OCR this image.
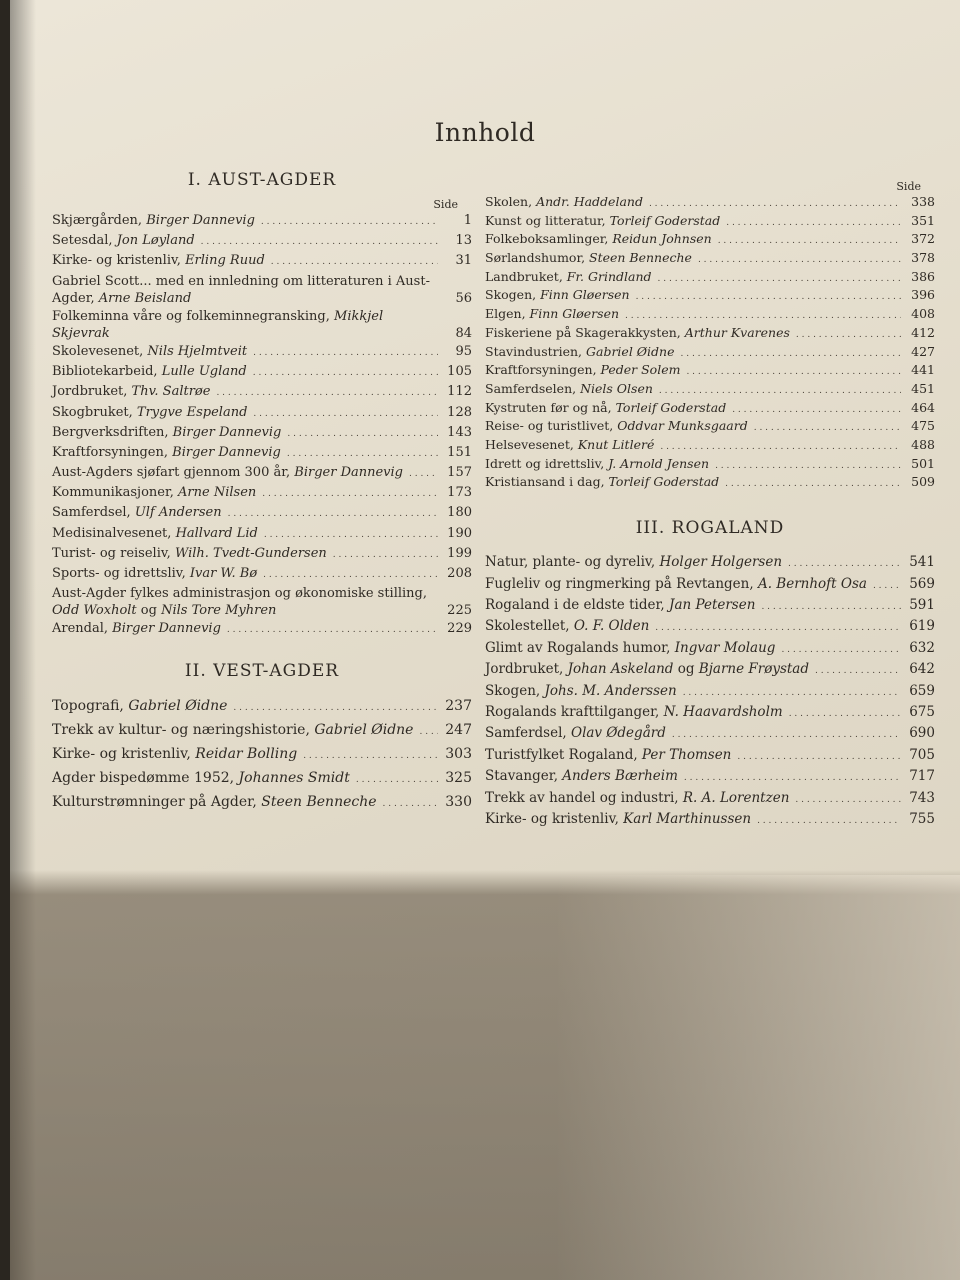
Innhold
I. AUST-AGDER
Side
Skjærgården, Birger Dannevig . . .	1
Setesdal, Jon Løyland . . .	13
Kirke- og kristenliv, Erling Ruud . . .	31
Gabriel Scott... med en innledning om litteraturen i Aust-Agder, Arne Beisland	56
Folkeminna våre og folkeminnegransking, Mikkjel Skjevrak	84
Skolevesenet, Nils Hjelmtveit . . .	95
Bibliotekarbeid, Lulle Ugland . . .	105
Jordbruket, Thv. Saltrøe . . .	112
Skogbruket, Trygve Espeland . . .	128
Bergverksdriften, Birger Dannevig . . .	143
Kraftforsyningen, Birger Dannevig . . .	151
Aust-Agders sjøfart gjennom 300 år, Birger Dannevig . . .	157
Kommunikasjoner, Arne Nilsen . . .	173
Samferdsel, Ulf Andersen . . .	180
Medisinalvesenet, Hallvard Lid . . .	190
Turist- og reiseliv, Wilh. Tvedt-Gundersen . . .	199
Sports- og idrettsliv, Ivar W. Bø . . .	208
Aust-Agder fylkes administrasjon og økonomiske stilling, Odd Woxholt og Nils Tore Myhren	225
Arendal, Birger Dannevig . . .	229
II. VEST-AGDER
Topografi, Gabriel Øidne . . .	237
Trekk av kultur- og næringshistorie, Gabriel Øidne . . . 247
Kirke- og kristenliv, Reidar Bolling . . .	303
Agder bispedømme 1952, Johannes Smidt . . .	325
Kulturstrømninger på Agder, Steen Benneche . . .	330
Side
Skolen, Andr. Haddeland . . .	338
Kunst og litteratur, Torleif Goderstad . . .	351
Folkeboksamlinger, Reidun Johnsen . . .	372
Sørlandshumor, Steen Benneche . . .	378
Landbruket, Fr. Grindland . . .	386
Skogen, Finn Gløersen . . .	396
Elgen, Finn Gløersen . . .	408
Fiskeriene på Skagerakkysten, Arthur Kvarenes . . .	412
Stavindustrien, Gabriel Øidne . . .	427
Kraftforsyningen, Peder Solem . . .	441
Samferdselen, Niels Olsen . . .	451
Kystruten før og nå, Torleif Goderstad . . .	464
Reise- og turistlivet, Oddvar Munksgaard . . .	475
Helsevesenet, Knut Litleré . . .	488
Idrett og idrettsliv, J. Arnold Jensen . . .	501
Kristiansand i dag, Torleif Goderstad . . .	509
III. ROGALAND
Natur, plante- og dyreliv, Holger Holgersen . . .	541
Fugleliv og ringmerking på Revtangen, A. Bernhoft Osa . . .	569
Rogaland i de eldste tider, Jan Petersen . . .	591
Skolestellet, O. F. Olden . . .	619
Glimt av Rogalands humor, Ingvar Molaug . . .	632
Jordbruket, Johan Askeland og Bjarne Frøystad . . .	642
Skogen, Johs. M. Anderssen . . .	659
Rogalands krafttilganger, N. Haavardsholm . . .	675
Samferdsel, Olav Ødegård . . .	690
Turistfylket Rogaland, Per Thomsen . . .	705
Stavanger, Anders Bærheim . . .	717
Trekk av handel og industri, R. A. Lorentzen . . .	743
Kirke- og kristenliv, Karl Marthinussen . . .	755
